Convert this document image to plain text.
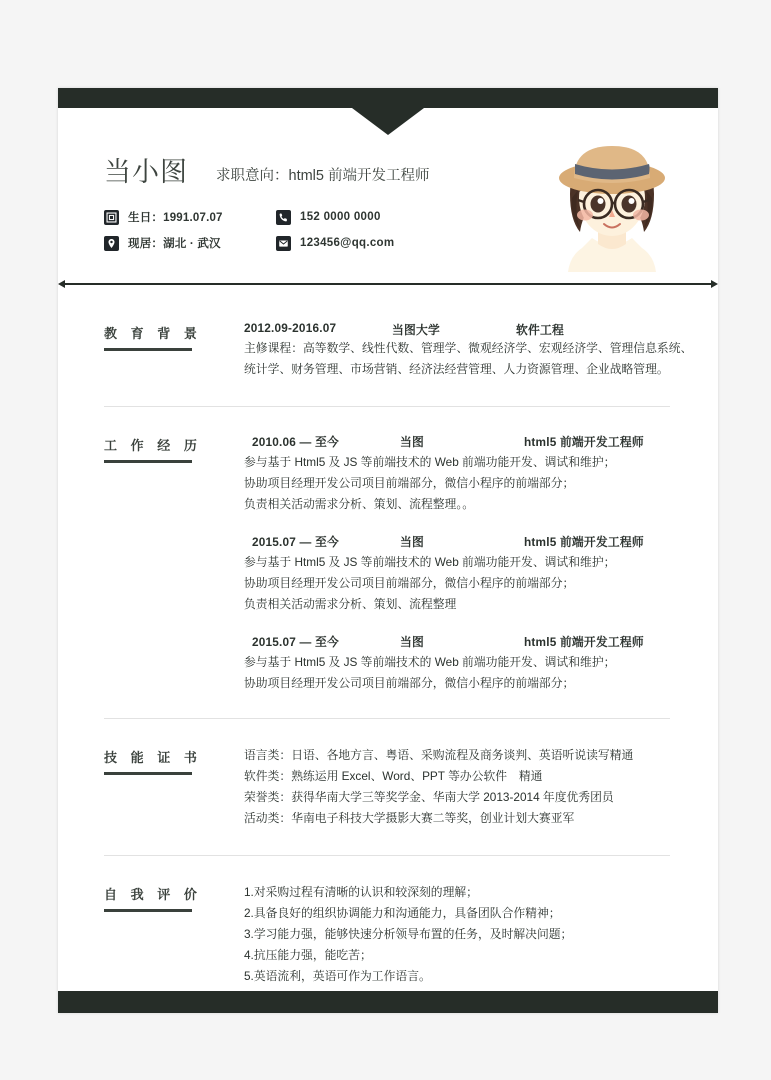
当小图 求职意向：html5 前端开发工程师
生日：1991.07.07	152 0000 0000
现居：湖北 · 武汉	123456@qq.com
教 育 背 景	2012.09-2016.07	当图大学	软件工程
主修课程：高等数学、线性代数、管理学、微观经济学、宏观经济学、管理信息系统、
统计学、财务管理、市场营销、经济法经营管理、人力资源管理、企业战略管理。
工 作 经 历	2010.06 — 至今	当图	html5 前端开发工程师
参与基于 Html5 及 JS 等前端技术的 Web 前端功能开发、调试和维护；
协助项目经理开发公司项目前端部分，微信小程序的前端部分；
负责相关活动需求分析、策划、流程整理。。
2015.07 — 至今	当图	html5 前端开发工程师
参与基于 Html5 及 JS 等前端技术的 Web 前端功能开发、调试和维护；
协助项目经理开发公司项目前端部分，微信小程序的前端部分；
负责相关活动需求分析、策划、流程整理
2015.07 — 至今	当图	html5 前端开发工程师
参与基于 Html5 及 JS 等前端技术的 Web 前端功能开发、调试和维护；
协助项目经理开发公司项目前端部分，微信小程序的前端部分；
技 能 证 书	语言类：日语、各地方言、粤语、采购流程及商务谈判、英语听说读写精通
软件类：熟练运用 Excel、Word、PPT 等办公软件　精通
荣誉类：获得华南大学三等奖学金、华南大学 2013-2014 年度优秀团员
活动类：华南电子科技大学摄影大赛二等奖，创业计划大赛亚军
自 我 评 价	1.对采购过程有清晰的认识和较深刻的理解；
2.具备良好的组织协调能力和沟通能力，具备团队合作精神；
3.学习能力强，能够快速分析领导布置的任务，及时解决问题；
4.抗压能力强，能吃苦；
5.英语流利，英语可作为工作语言。
